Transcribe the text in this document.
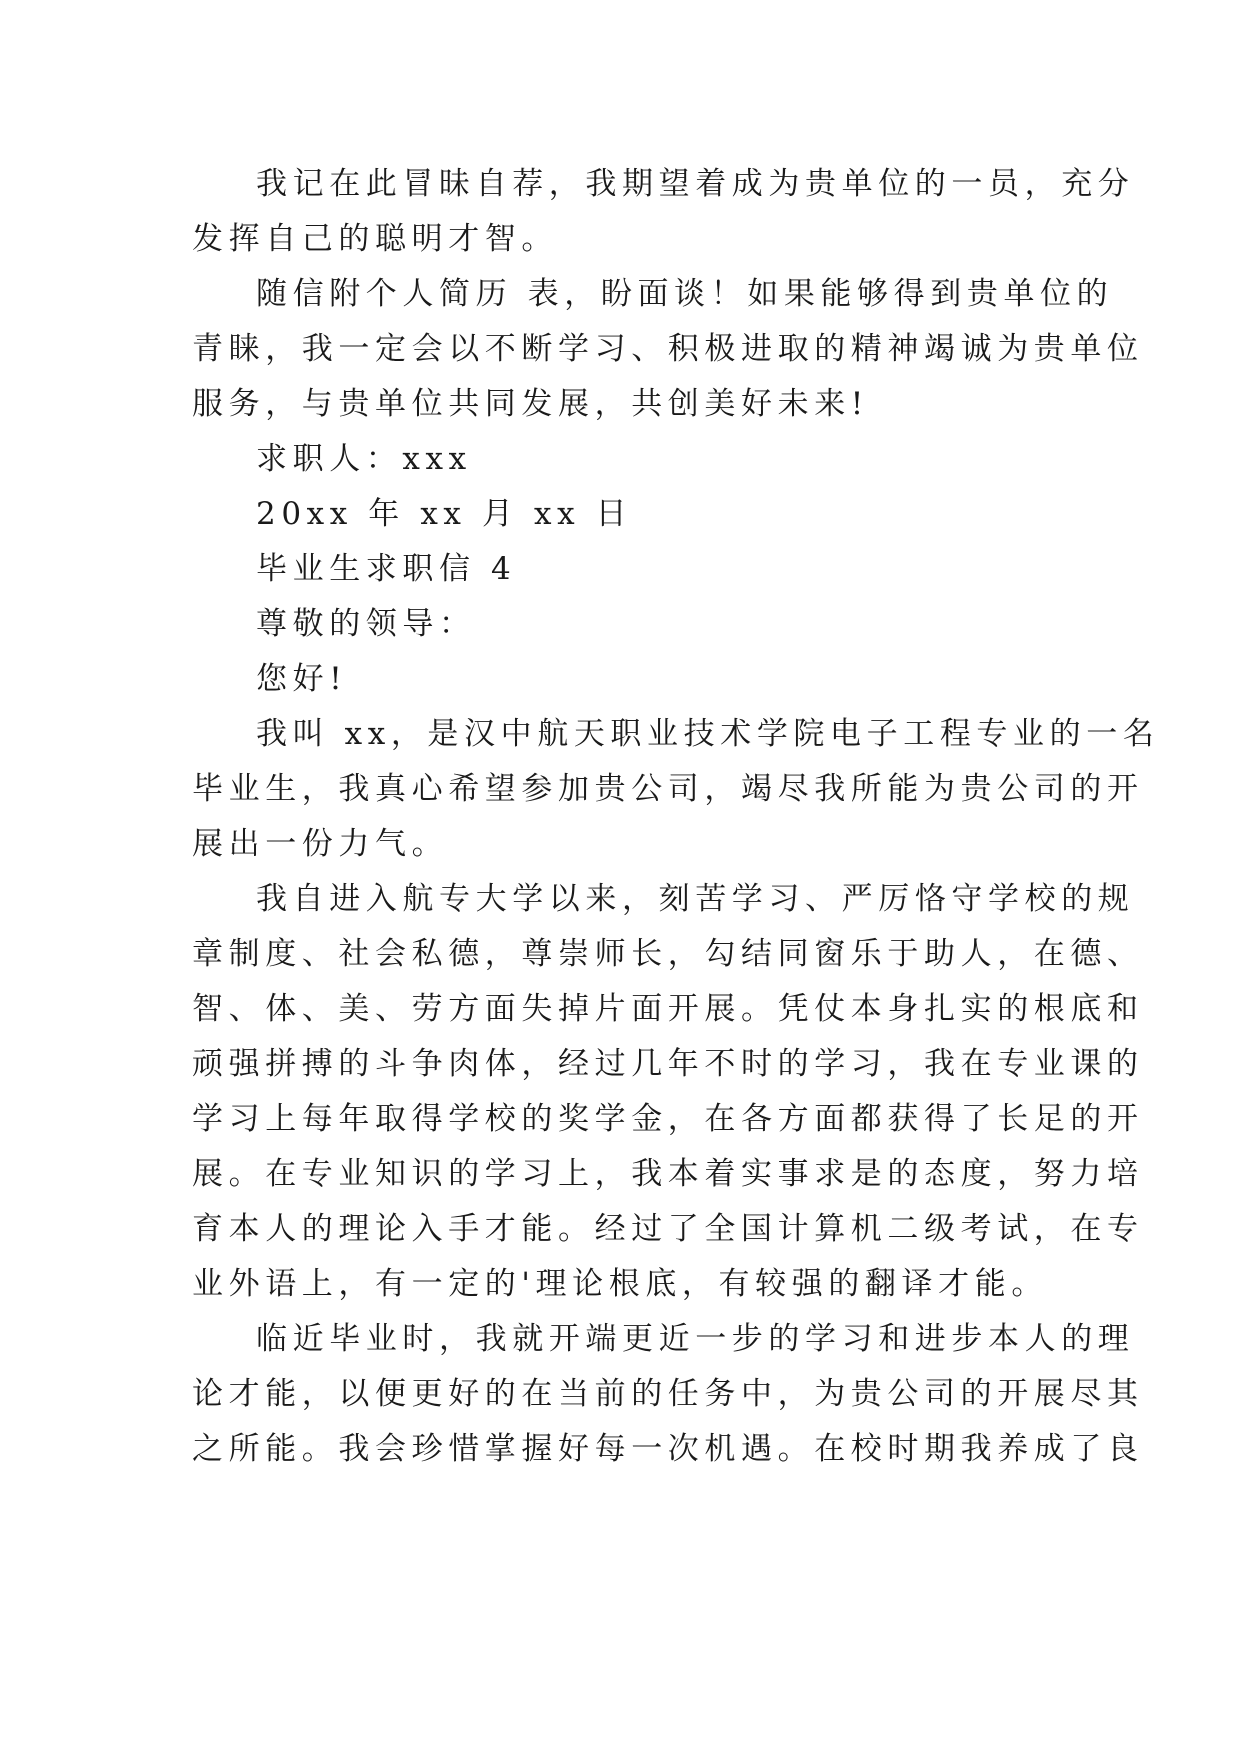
我记在此冒昧自荐，我期望着成为贵单位的一员，充分
发挥自己的聪明才智。
随信附个人简历 表，盼面谈！如果能够得到贵单位的
青睐，我一定会以不断学习、积极进取的精神竭诚为贵单位
服务，与贵单位共同发展，共创美好未来!
求职人：xxx
20xx 年 xx 月 xx 日
毕业生求职信 4
尊敬的领导：
您好!
我叫 xx，是汉中航天职业技术学院电子工程专业的一名
毕业生，我真心希望参加贵公司，竭尽我所能为贵公司的开
展出一份力气。
我自进入航专大学以来，刻苦学习、严厉恪守学校的规
章制度、社会私德，尊崇师长，勾结同窗乐于助人，在德、
智、体、美、劳方面失掉片面开展。凭仗本身扎实的根底和
顽强拼搏的斗争肉体，经过几年不时的学习，我在专业课的
学习上每年取得学校的奖学金，在各方面都获得了长足的开
展。在专业知识的学习上，我本着实事求是的态度，努力培
育本人的理论入手才能。经过了全国计算机二级考试，在专
业外语上，有一定的'理论根底，有较强的翻译才能。
临近毕业时，我就开端更近一步的学习和进步本人的理
论才能，以便更好的在当前的任务中，为贵公司的开展尽其
之所能。我会珍惜掌握好每一次机遇。在校时期我养成了良
